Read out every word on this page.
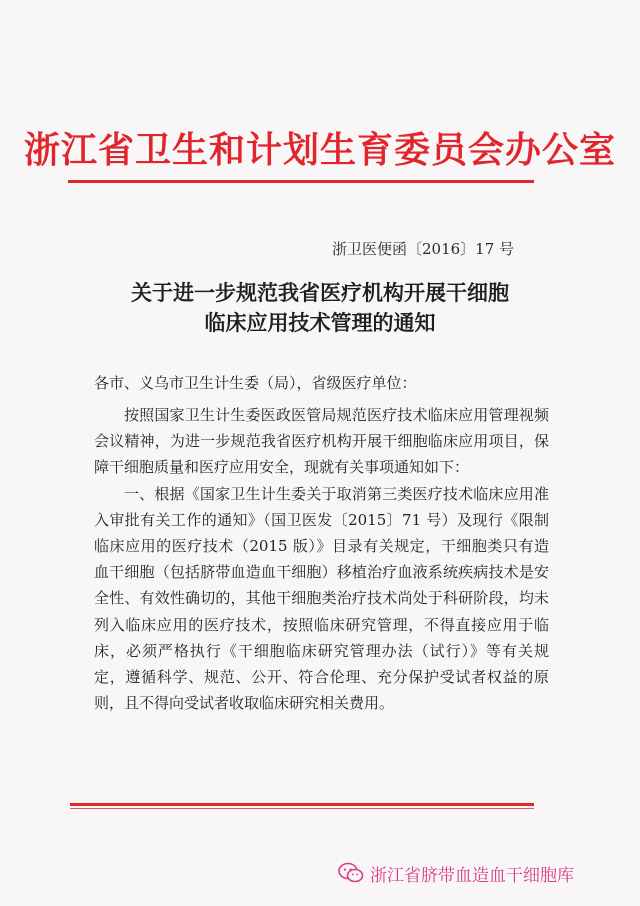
浙江省卫生和计划生育委员会办公室
浙卫医便函〔2016〕17 号
关于进一步规范我省医疗机构开展干细胞
临床应用技术管理的通知
各市、义乌市卫生计生委（局），省级医疗单位：

按照国家卫生计生委医政医管局规范医疗技术临床应用管理视频会议精神，为进一步规范我省医疗机构开展干细胞临床应用项目，保障干细胞质量和医疗应用安全，现就有关事项通知如下：

一、根据《国家卫生计生委关于取消第三类医疗技术临床应用准入审批有关工作的通知》（国卫医发〔2015〕71 号）及现行《限制临床应用的医疗技术（2015 版）》目录有关规定，干细胞类只有造血干细胞（包括脐带血造血干细胞）移植治疗血液系统疾病技术是安全性、有效性确切的，其他干细胞类治疗技术尚处于科研阶段，均未列入临床应用的医疗技术，按照临床研究管理，不得直接应用于临床，必须严格执行《干细胞临床研究管理办法（试行）》等有关规定，遵循科学、规范、公开、符合伦理、充分保护受试者权益的原则，且不得向受试者收取临床研究相关费用。

浙江省脐带血造血干细胞库
